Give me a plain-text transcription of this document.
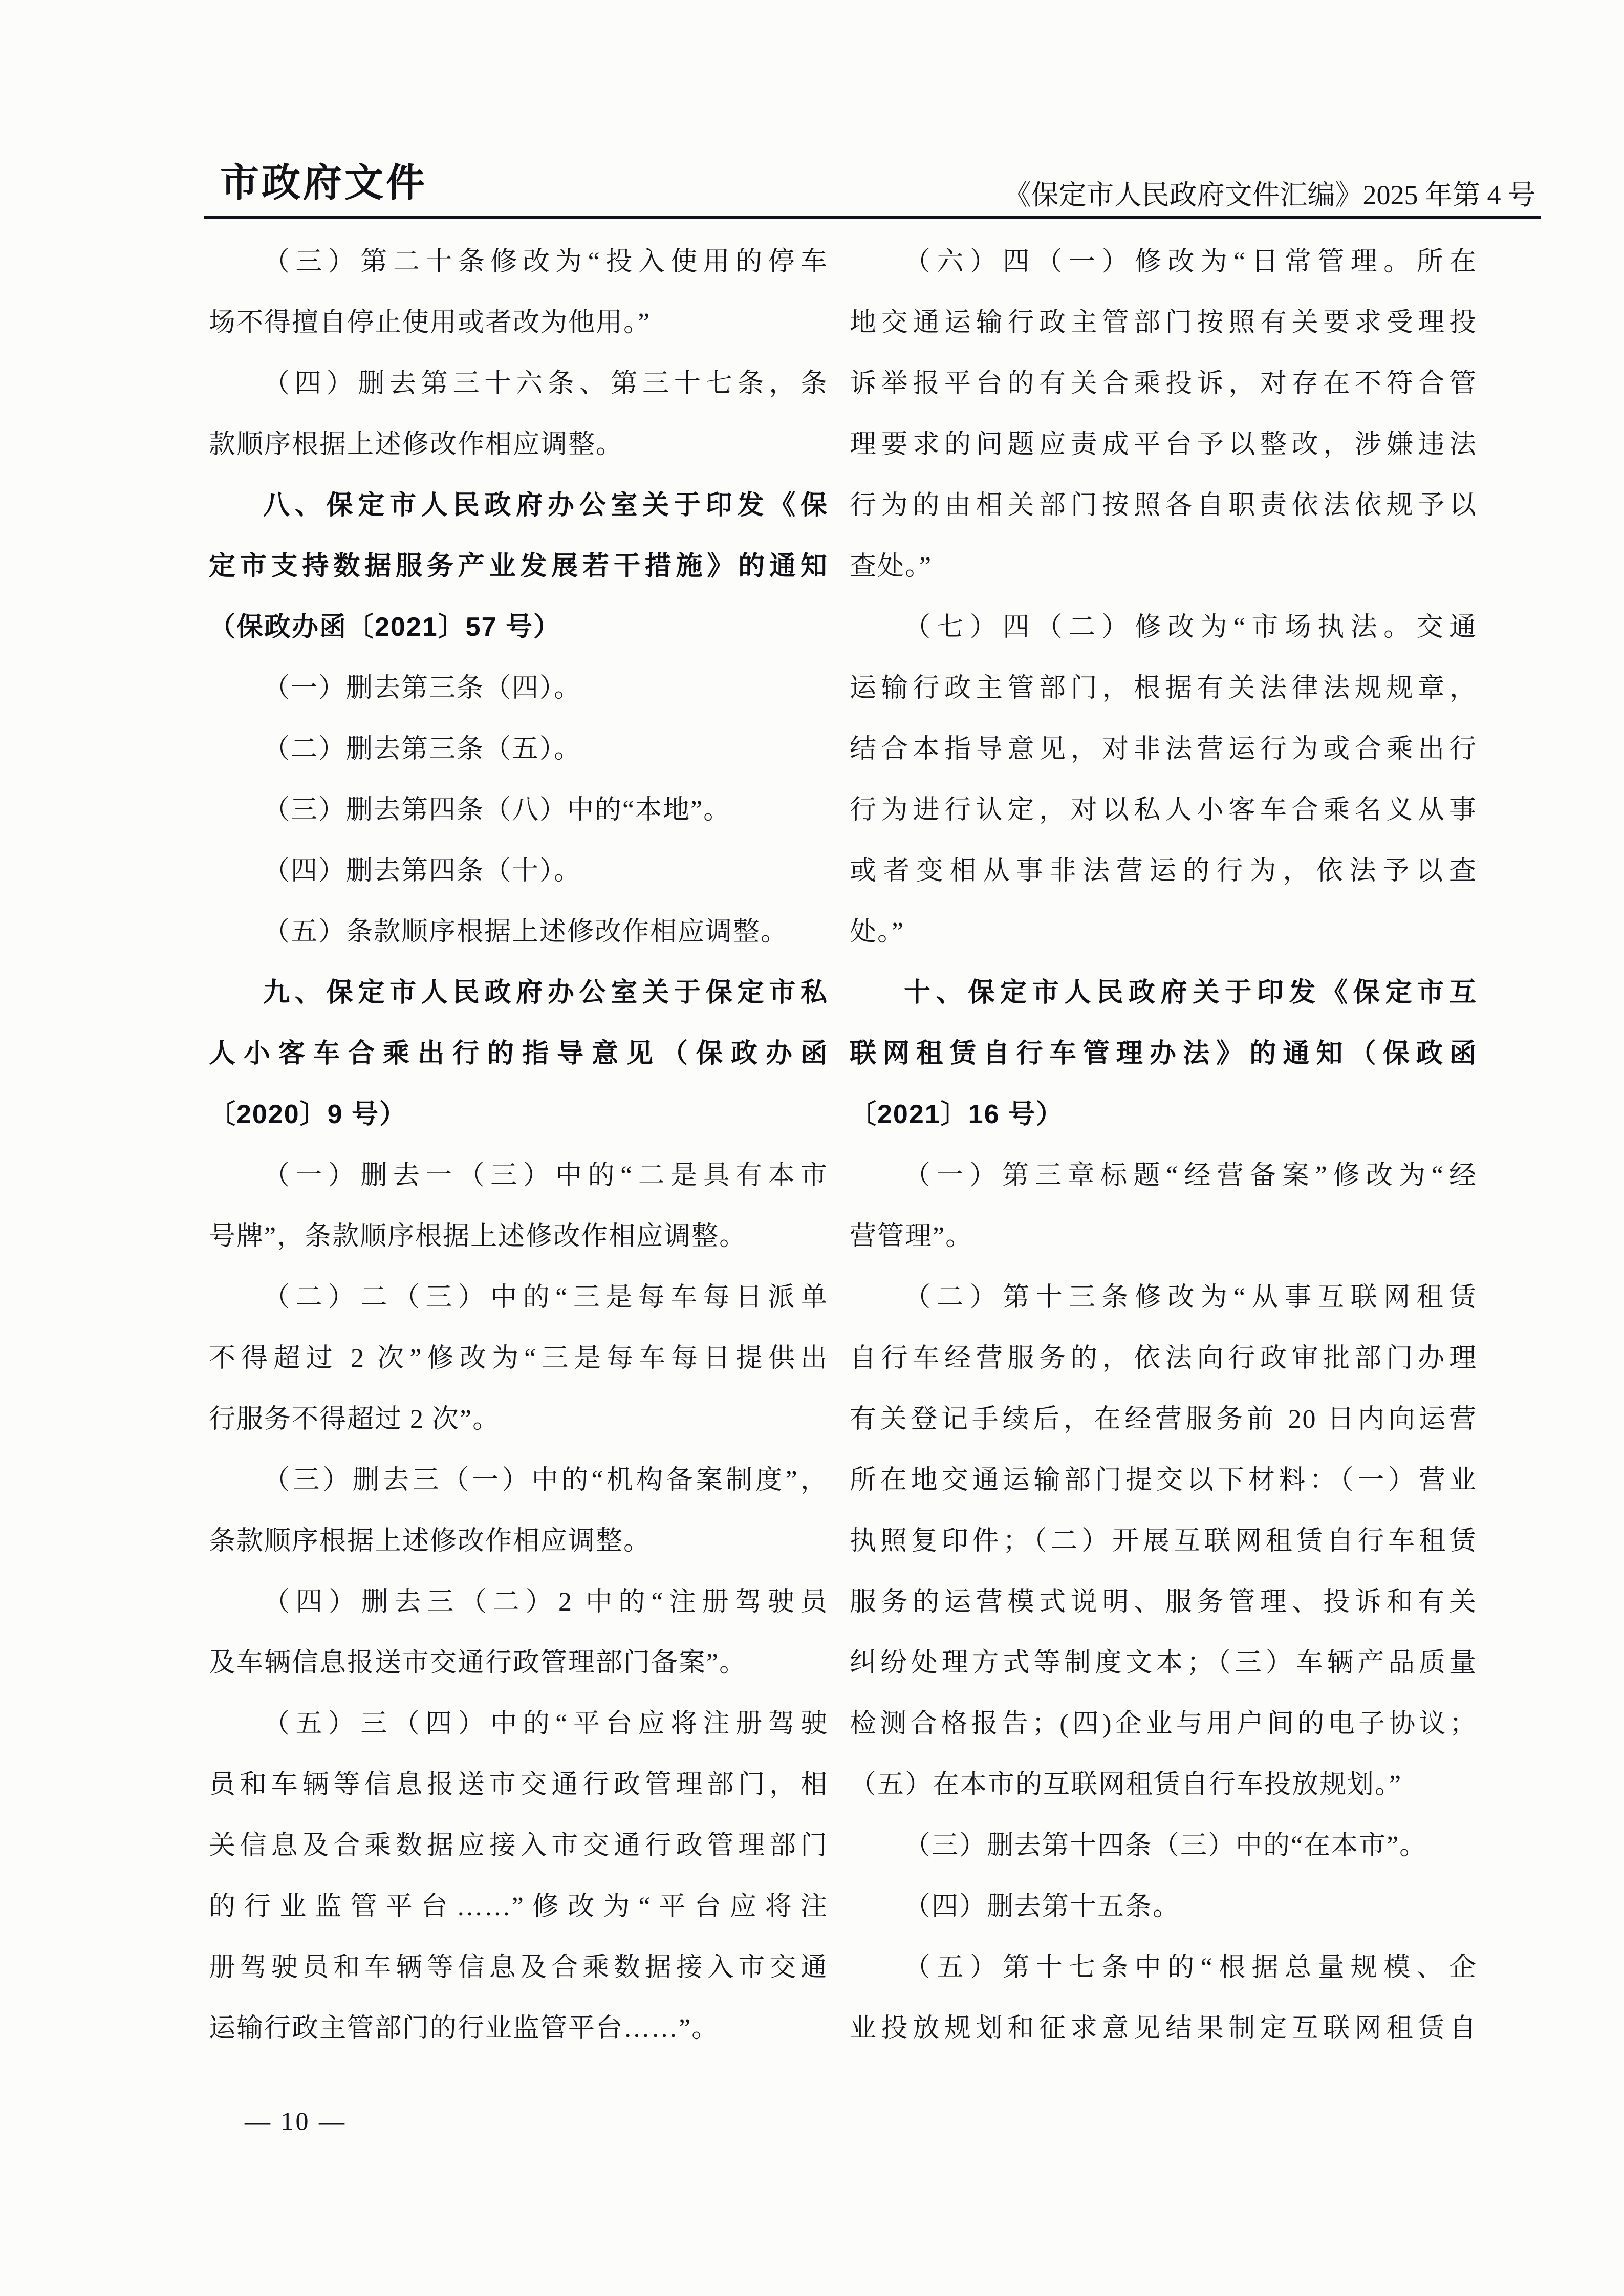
市政府文件	《保定市人民政府文件汇编》2025 年第 4 号
（三）第二十条修改为“投入使用的停车
场不得擅自停止使用或者改为他用。”
（四）删去第三十六条、第三十七条，条
款顺序根据上述修改作相应调整。
八、保定市人民政府办公室关于印发《保
定市支持数据服务产业发展若干措施》的通知
（保政办函〔2021〕57 号）
（一）删去第三条（四）。
（二）删去第三条（五）。
（三）删去第四条（八）中的“本地”。
（四）删去第四条（十）。
（五）条款顺序根据上述修改作相应调整。
九、保定市人民政府办公室关于保定市私
人小客车合乘出行的指导意见（保政办函
〔2020〕9 号）
（一）删去一（三）中的“二是具有本市
号牌”，条款顺序根据上述修改作相应调整。
（二）二（三）中的“三是每车每日派单
不得超过 2 次”修改为“三是每车每日提供出
行服务不得超过 2 次”。
（三）删去三（一）中的“机构备案制度”，
条款顺序根据上述修改作相应调整。
（四）删去三（二）2 中的“注册驾驶员
及车辆信息报送市交通行政管理部门备案”。
（五）三（四）中的“平台应将注册驾驶
员和车辆等信息报送市交通行政管理部门，相
关信息及合乘数据应接入市交通行政管理部门
的行业监管平台……”修改为“平台应将注
册驾驶员和车辆等信息及合乘数据接入市交通
运输行政主管部门的行业监管平台……”。
（六）四（一）修改为“日常管理。所在
地交通运输行政主管部门按照有关要求受理投
诉举报平台的有关合乘投诉，对存在不符合管
理要求的问题应责成平台予以整改，涉嫌违法
行为的由相关部门按照各自职责依法依规予以
查处。”
（七）四（二）修改为“市场执法。交通
运输行政主管部门，根据有关法律法规规章，
结合本指导意见，对非法营运行为或合乘出行
行为进行认定，对以私人小客车合乘名义从事
或者变相从事非法营运的行为，依法予以查
处。”
十、保定市人民政府关于印发《保定市互
联网租赁自行车管理办法》的通知（保政函
〔2021〕16 号）
（一）第三章标题“经营备案”修改为“经
营管理”。
（二）第十三条修改为“从事互联网租赁
自行车经营服务的，依法向行政审批部门办理
有关登记手续后，在经营服务前 20 日内向运营
所在地交通运输部门提交以下材料：（一）营业
执照复印件；（二）开展互联网租赁自行车租赁
服务的运营模式说明、服务管理、投诉和有关
纠纷处理方式等制度文本；（三）车辆产品质量
检测合格报告；(四)企业与用户间的电子协议；
（五）在本市的互联网租赁自行车投放规划。”
（三）删去第十四条（三）中的“在本市”。
（四）删去第十五条。
（五）第十七条中的“根据总量规模、企
业投放规划和征求意见结果制定互联网租赁自
— 10 —
